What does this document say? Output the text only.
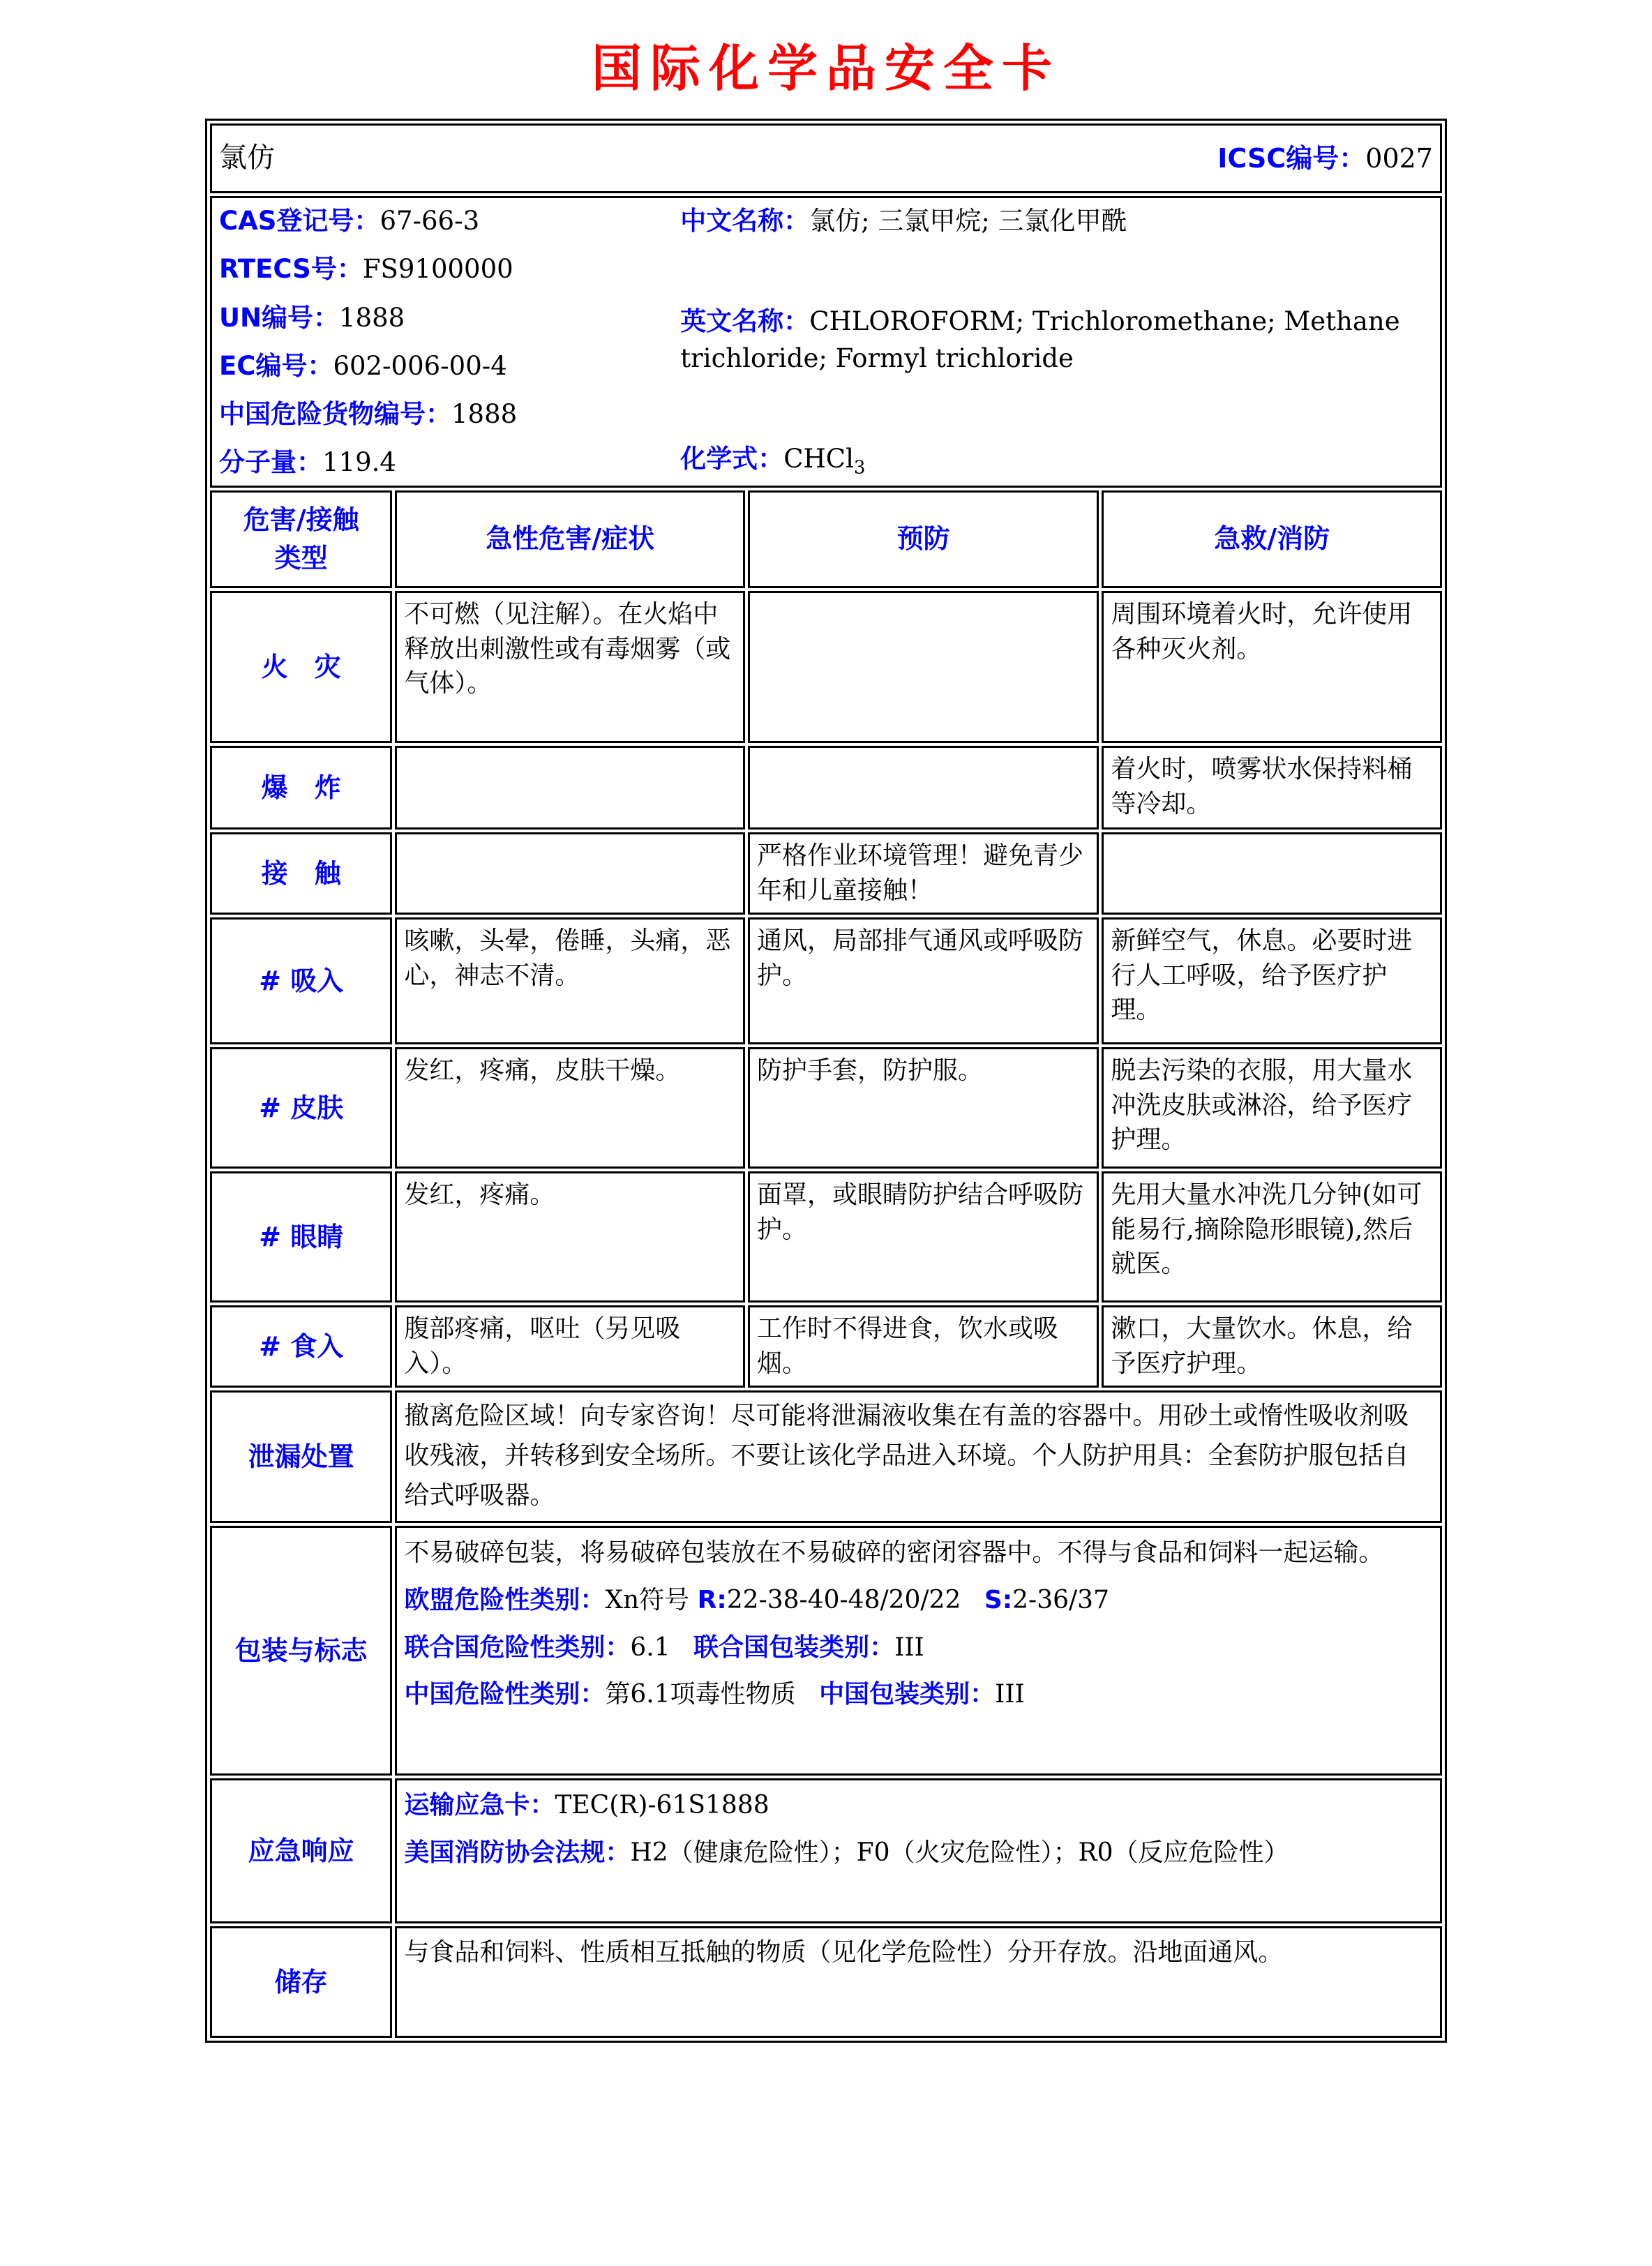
国际化学品安全卡
氯仿 ICSC编号：0027			

CAS登记号：67-66-3

RTECS号：FS9100000

UN编号：1888

EC编号：602-006-00-4

中国危险货物编号：1888

分子量：119.4

中文名称：氯仿; 三氯甲烷; 三氯化甲酰

英文名称：CHLOROFORM; Trichloromethane; Methane trichloride; Formyl trichloride

化学式：CHCl$_3$

危害/接触
类型	急性危害/症状	预防	急救/消防
火　灾	不可燃（见注解）。在火焰中释放出刺激性或有毒烟雾（或气体）。		周围环境着火时，允许使用各种灭火剂。
爆　炸			着火时，喷雾状水保持料桶等冷却。
接　触		严格作业环境管理！避免青少年和儿童接触！	
# 吸入	咳嗽，头晕，倦睡，头痛，恶心，神志不清。	通风，局部排气通风或呼吸防护。	新鲜空气，休息。必要时进行人工呼吸，给予医疗护理。
# 皮肤	发红，疼痛，皮肤干燥。	防护手套，防护服。	脱去污染的衣服，用大量水冲洗皮肤或淋浴，给予医疗护理。
# 眼睛	发红，疼痛。	面罩，或眼睛防护结合呼吸防护。	先用大量水冲洗几分钟(如可能易行,摘除隐形眼镜),然后就医。
# 食入	腹部疼痛，呕吐（另见吸入）。	工作时不得进食，饮水或吸烟。	漱口，大量饮水。休息，给予医疗护理。
泄漏处置	撤离危险区域！向专家咨询！尽可能将泄漏液收集在有盖的容器中。用砂土或惰性吸收剂吸收残液，并转移到安全场所。不要让该化学品进入环境。个人防护用具：全套防护服包括自给式呼吸器。		
包装与标志	不易破碎包装，将易破碎包装放在不易破碎的密闭容器中。不得与食品和饲料一起运输。

欧盟危险性类别：Xn符号 R:22-38-40-48/20/22 S:2-36/37

联合国危险性类别：6.1 联合国包装类别：III

中国危险性类别：第6.1项毒性物质 中国包装类别：III		

应急响应	运输应急卡：TEC(R)-61S1888

美国消防协会法规：H2（健康危险性）；F0（火灾危险性）；R0（反应危险性）		

储存	与食品和饲料、性质相互抵触的物质（见化学危险性）分开存放。沿地面通风。		
